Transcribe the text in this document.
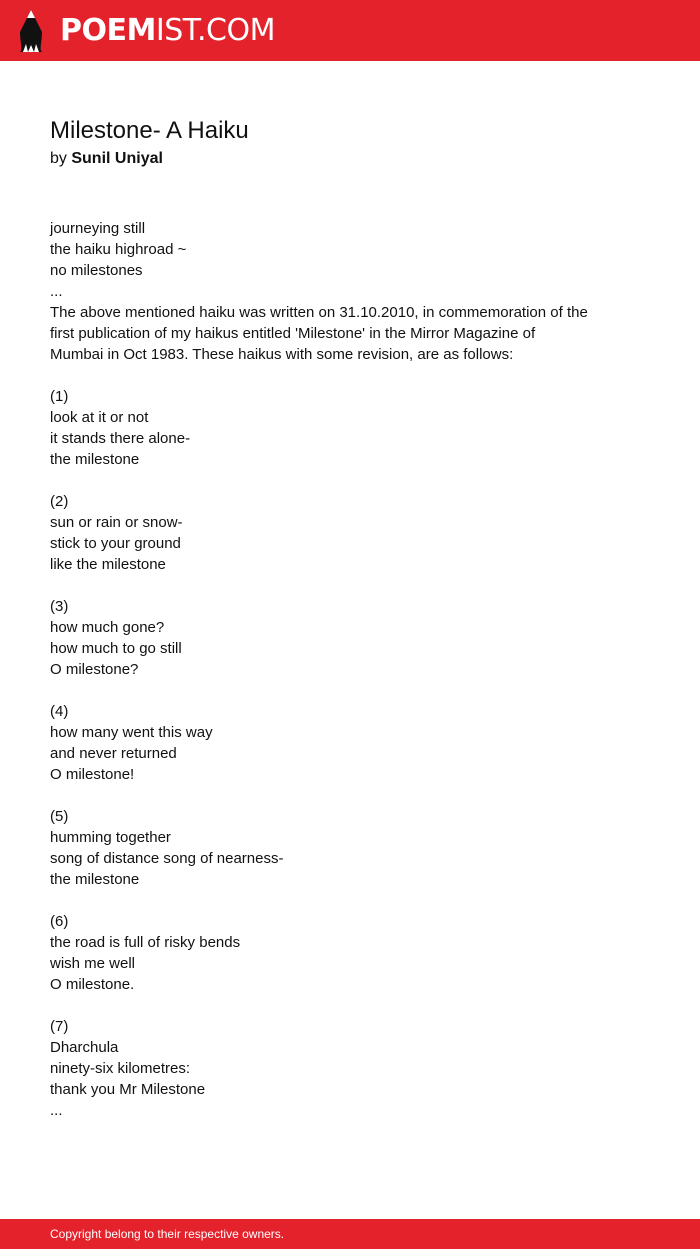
POEMIST.COM
Milestone- A Haiku
by Sunil Uniyal
journeying still
the haiku highroad ~
no milestones
...
The above mentioned haiku was written on 31.10.2010, in commemoration of the first publication of my haikus entitled 'Milestone' in the Mirror Magazine of Mumbai in Oct 1983. These haikus with some revision, are as follows:

(1)
look at it or not
it stands there alone-
the milestone

(2)
sun or rain or snow-
stick to your ground
like the milestone

(3)
how much gone?
how much to go still
O milestone?

(4)
how many went this way
and never returned
O milestone!

(5)
humming together
song of distance song of nearness-
the milestone

(6)
the road is full of risky bends
wish me well
O milestone.

(7)
Dharchula
ninety-six kilometres:
thank you Mr Milestone
...
Copyright belong to their respective owners.
